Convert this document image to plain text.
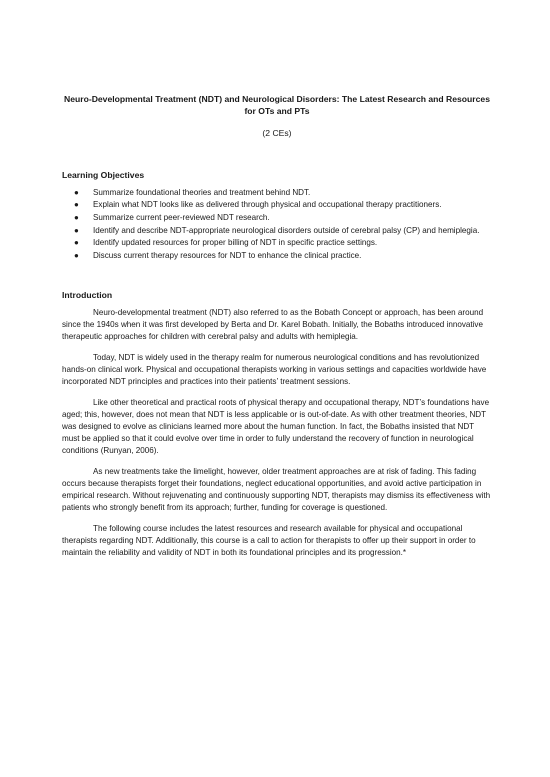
Neuro-Developmental Treatment (NDT) and Neurological Disorders: The Latest Research and Resources for OTs and PTs

(2 CEs)

Learning Objectives

● Summarize foundational theories and treatment behind NDT.
● Explain what NDT looks like as delivered through physical and occupational therapy practitioners.
● Summarize current peer-reviewed NDT research.
● Identify and describe NDT-appropriate neurological disorders outside of cerebral palsy (CP) and hemiplegia.
● Identify updated resources for proper billing of NDT in specific practice settings.
● Discuss current therapy resources for NDT to enhance the clinical practice.

Introduction

Neuro-developmental treatment (NDT) also referred to as the Bobath Concept or approach, has been around since the 1940s when it was first developed by Berta and Dr. Karel Bobath. Initially, the Bobaths introduced innovative therapeutic approaches for children with cerebral palsy and adults with hemiplegia.

Today, NDT is widely used in the therapy realm for numerous neurological conditions and has revolutionized hands-on clinical work. Physical and occupational therapists working in various settings and capacities worldwide have incorporated NDT principles and practices into their patients’ treatment sessions.

Like other theoretical and practical roots of physical therapy and occupational therapy, NDT’s foundations have aged; this, however, does not mean that NDT is less applicable or is out-of-date. As with other treatment theories, NDT was designed to evolve as clinicians learned more about the human function. In fact, the Bobaths insisted that NDT must be applied so that it could evolve over time in order to fully understand the recovery of function in neurological conditions (Runyan, 2006).

As new treatments take the limelight, however, older treatment approaches are at risk of fading. This fading occurs because therapists forget their foundations, neglect educational opportunities, and avoid active participation in empirical research. Without rejuvenating and continuously supporting NDT, therapists may dismiss its effectiveness with patients who strongly benefit from its approach; further, funding for coverage is questioned.

The following course includes the latest resources and research available for physical and occupational therapists regarding NDT. Additionally, this course is a call to action for therapists to offer up their support in order to maintain the reliability and validity of NDT in both its foundational principles and its progression.*
